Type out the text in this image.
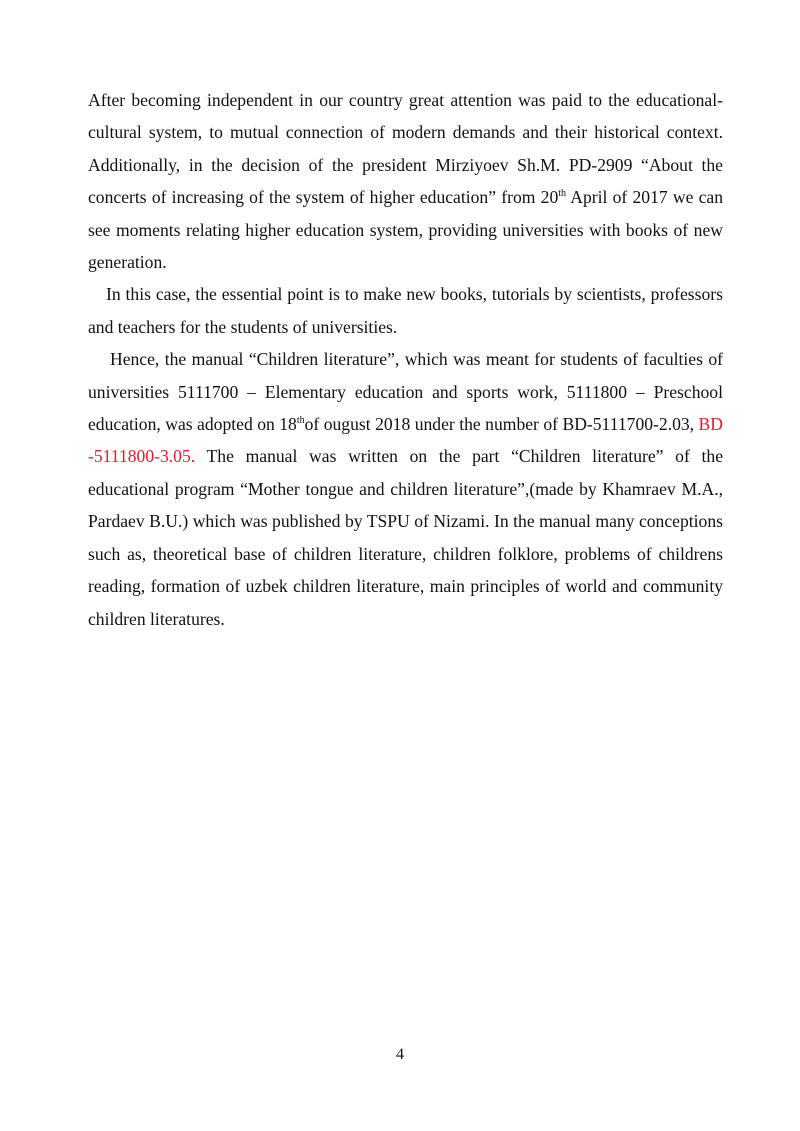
After becoming independent in our country great attention was paid to the educational-cultural system, to mutual connection of modern demands and their historical context. Additionally, in the decision of the president Mirziyoev Sh.M. PD-2909 “About the concerts of increasing of the system of higher education” from 20th April of 2017 we can see moments relating higher education system, providing universities with books of new generation.

In this case, the essential point is to make new books, tutorials by scientists, professors and teachers for the students of universities.

Hence, the manual “Children literature”, which was meant for students of faculties of universities 5111700 – Elementary education and sports work, 5111800 – Preschool education, was adopted on 18thof ougust 2018 under the number of BD-5111700-2.03, BD -5111800-3.05. The manual was written on the part “Children literature” of the educational program “Mother tongue and children literature”,(made by Khamraev M.A., Pardaev B.U.) which was published by TSPU of Nizami. In the manual many conceptions such as, theoretical base of children literature, children folklore, problems of childrens reading, formation of uzbek children literature, main principles of world and community children literatures.

4
